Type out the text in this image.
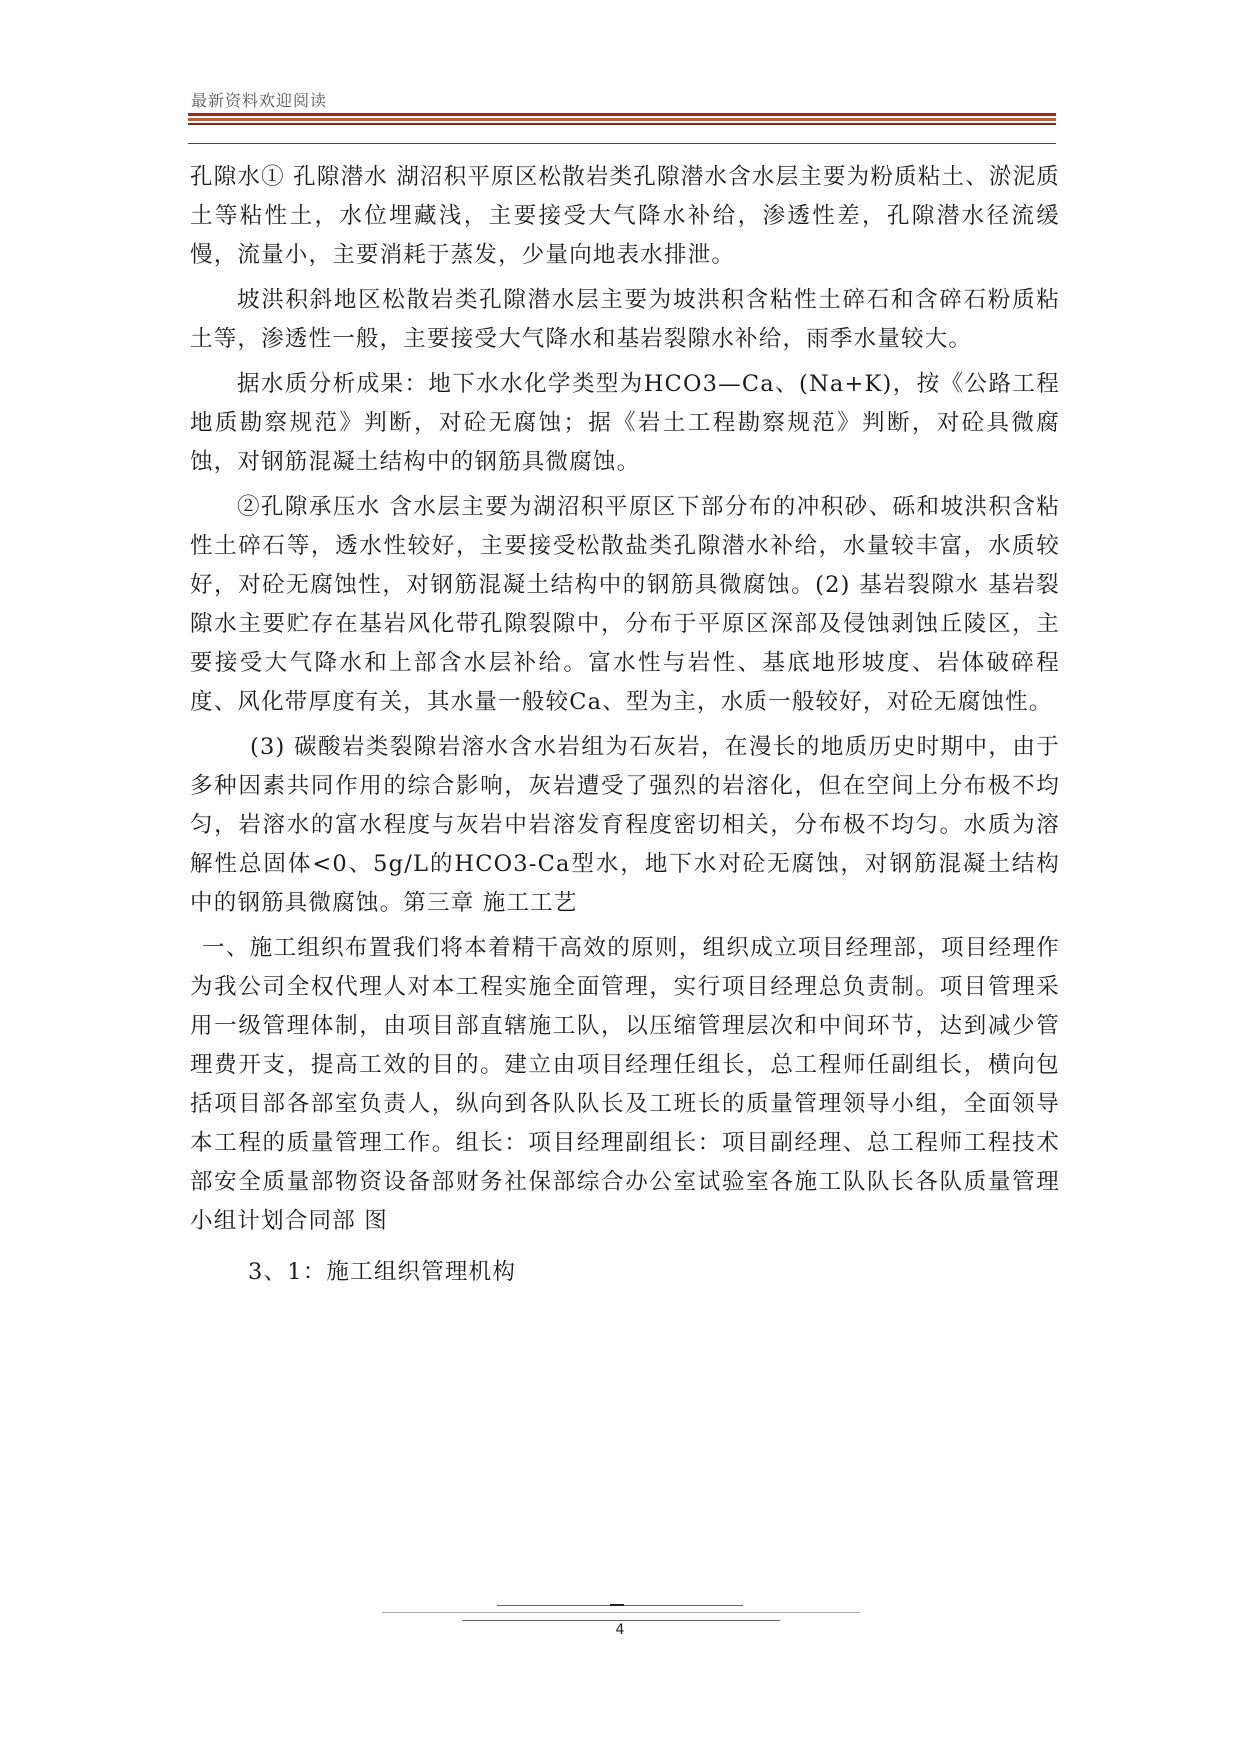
最新资料欢迎阅读

孔隙水① 孔隙潜水 湖沼积平原区松散岩类孔隙潜水含水层主要为粉质粘土、淤泥质土等粘性土，水位埋藏浅，主要接受大气降水补给，渗透性差，孔隙潜水径流缓慢，流量小，主要消耗于蒸发，少量向地表水排泄。

坡洪积斜地区松散岩类孔隙潜水层主要为坡洪积含粘性土碎石和含碎石粉质粘土等，渗透性一般，主要接受大气降水和基岩裂隙水补给，雨季水量较大。

据水质分析成果：地下水水化学类型为HCO3—Ca、(Na+K)，按《公路工程地质勘察规范》判断，对砼无腐蚀；据《岩土工程勘察规范》判断，对砼具微腐蚀，对钢筋混凝土结构中的钢筋具微腐蚀。

②孔隙承压水 含水层主要为湖沼积平原区下部分布的冲积砂、砾和坡洪积含粘性土碎石等，透水性较好，主要接受松散盐类孔隙潜水补给，水量较丰富，水质较好，对砼无腐蚀性，对钢筋混凝土结构中的钢筋具微腐蚀。(2) 基岩裂隙水 基岩裂隙水主要贮存在基岩风化带孔隙裂隙中，分布于平原区深部及侵蚀剥蚀丘陵区，主要接受大气降水和上部含水层补给。富水性与岩性、基底地形坡度、岩体破碎程度、风化带厚度有关，其水量一般较Ca、型为主，水质一般较好，对砼无腐蚀性。

(3) 碳酸岩类裂隙岩溶水含水岩组为石灰岩，在漫长的地质历史时期中，由于多种因素共同作用的综合影响，灰岩遭受了强烈的岩溶化，但在空间上分布极不均匀，岩溶水的富水程度与灰岩中岩溶发育程度密切相关，分布极不均匀。水质为溶解性总固体<0、5g/L的HCO3-Ca型水，地下水对砼无腐蚀，对钢筋混凝土结构中的钢筋具微腐蚀。第三章 施工工艺

一、施工组织布置我们将本着精干高效的原则，组织成立项目经理部，项目经理作为我公司全权代理人对本工程实施全面管理，实行项目经理总负责制。项目管理采用一级管理体制，由项目部直辖施工队，以压缩管理层次和中间环节，达到减少管理费开支，提高工效的目的。建立由项目经理任组长，总工程师任副组长，横向包括项目部各部室负责人，纵向到各队队长及工班长的质量管理领导小组，全面领导本工程的质量管理工作。组长：项目经理副组长：项目副经理、总工程师工程技术部安全质量部物资设备部财务社保部综合办公室试验室各施工队队长各队质量管理小组计划合同部 图

3、1：施工组织管理机构

4
